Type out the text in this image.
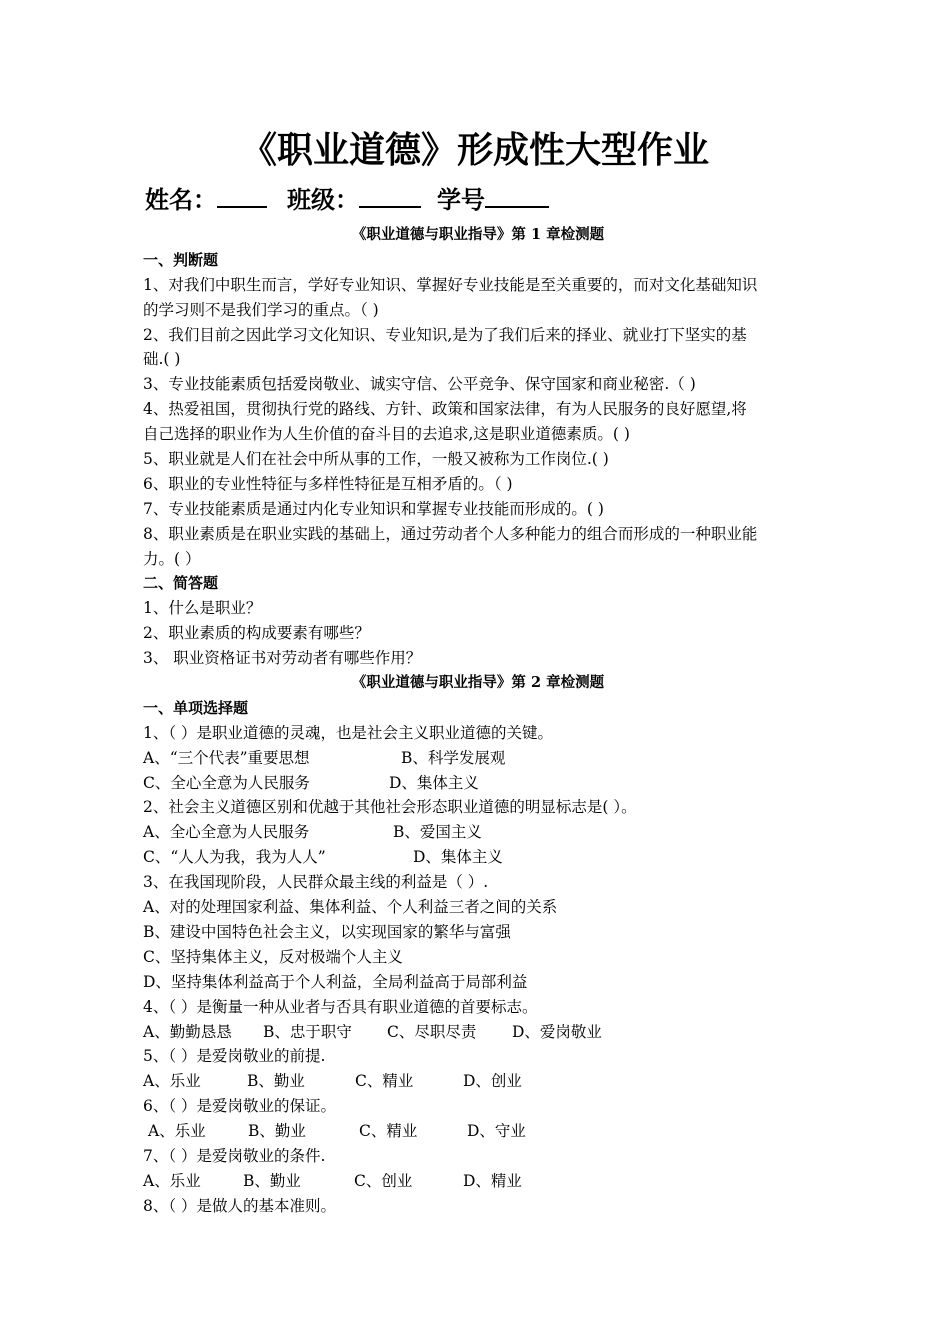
《职业道德》形成性大型作业
姓名：	班级：	学号
《职业道德与职业指导》第 1 章检测题
一、判断题
1、对我们中职生而言，学好专业知识、掌握好专业技能是至关重要的，而对文化基础知识
的学习则不是我们学习的重点。（ )
2、我们目前之因此学习文化知识、专业知识,是为了我们后来的择业、就业打下坚实的基
础.( )
3、专业技能素质包括爱岗敬业、诚实守信、公平竞争、保守国家和商业秘密.（ )
4、热爱祖国，贯彻执行党的路线、方针、政策和国家法律，有为人民服务的良好愿望,将
自己选择的职业作为人生价值的奋斗目的去追求,这是职业道德素质。( )
5、职业就是人们在社会中所从事的工作，一般又被称为工作岗位.( )
6、职业的专业性特征与多样性特征是互相矛盾的。（ )
7、专业技能素质是通过内化专业知识和掌握专业技能而形成的。( )
8、职业素质是在职业实践的基础上，通过劳动者个人多种能力的组合而形成的一种职业能
力。( ）
二、简答题
1、什么是职业？
2、职业素质的构成要素有哪些？
3、 职业资格证书对劳动者有哪些作用？
《职业道德与职业指导》第 2 章检测题
一、单项选择题
1、（ ）是职业道德的灵魂，也是社会主义职业道德的关键。
A、“三个代表”重要思想	B、科学发展观
C、全心全意为人民服务	D、集体主义
2、社会主义道德区别和优越于其他社会形态职业道德的明显标志是( ）。
A、全心全意为人民服务	B、爱国主义
C、“人人为我，我为人人”	D、集体主义
3、在我国现阶段，人民群众最主线的利益是（ ）.
A、对的处理国家利益、集体利益、个人利益三者之间的关系
B、建设中国特色社会主义，以实现国家的繁华与富强
C、坚持集体主义，反对极端个人主义
D、坚持集体利益高于个人利益，全局利益高于局部利益
4、（ ）是衡量一种从业者与否具有职业道德的首要标志。
A、勤勤恳恳 B、忠于职守 C、尽职尽责 D、爱岗敬业
5、（ ）是爱岗敬业的前提.
A、乐业	B、勤业	C、精业	D、创业
6、（ ）是爱岗敬业的保证。
A、乐业	B、勤业	C、精业	D、守业
7、（ ）是爱岗敬业的条件.
A、乐业	B、勤业	C、创业	D、精业
8、（ ）是做人的基本准则。
